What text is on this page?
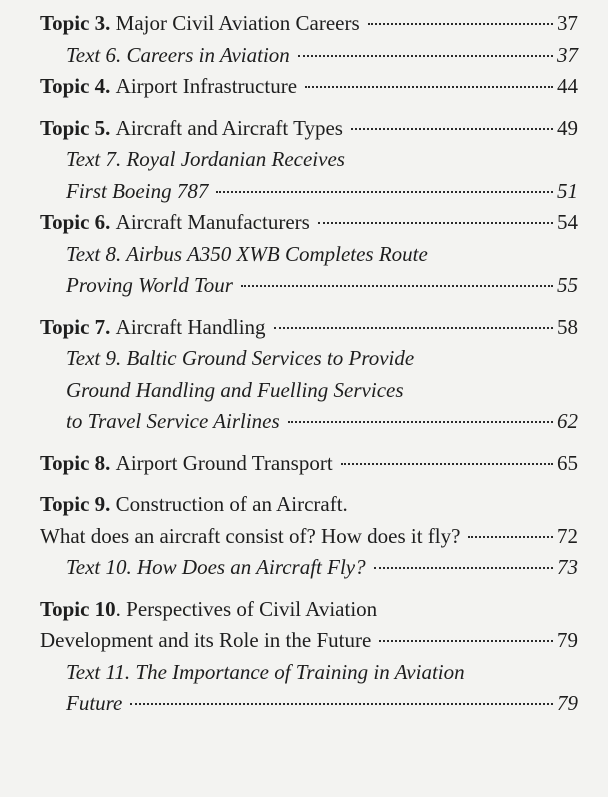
Topic 3.
Major Civil Aviation Careers	37
Text 6. Careers in Aviation	37
Topic 4.
Airport Infrastructure	44
Topic 5.
Aircraft and Aircraft Types	49
Text 7. Royal Jordanian Receives
First Boeing 787	51
Topic 6.
Aircraft Manufacturers	54
Text 8. Airbus A350 XWB Completes Route
Proving World Tour	55
Topic 7.
Aircraft Handling	58
Text 9. Baltic Ground Services to Provide
Ground Handling and Fuelling Services
to Travel Service Airlines	62
Topic 8.
Airport Ground Transport	65
Topic 9.
Construction of an Aircraft.
What does an aircraft consist of? How does it fly?	72
Text 10. How Does an Aircraft Fly?	73
Topic 10 . Perspectives of Civil Aviation
Development and its Role in the Future	79
Text 11. The Importance of Training in Aviation
Future	79
